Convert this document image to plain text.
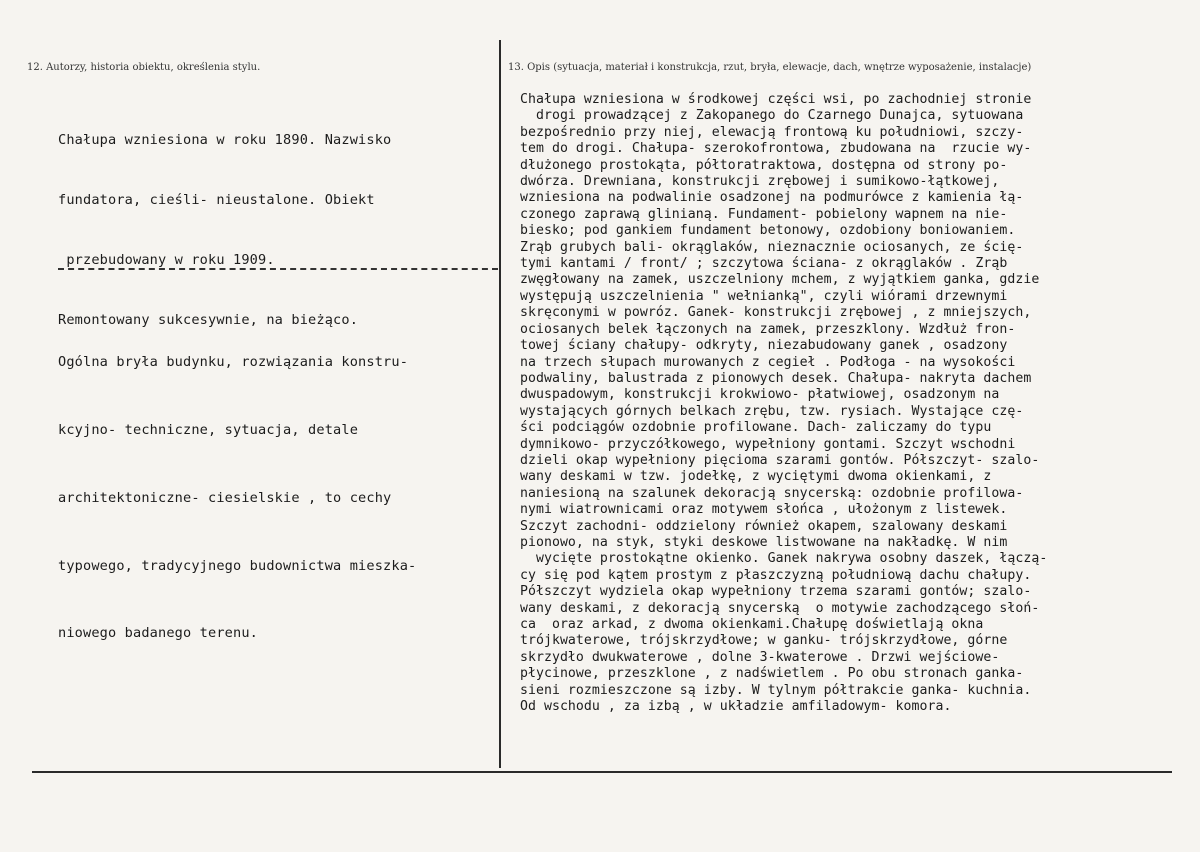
12. Autorzy, historia obiektu, określenia stylu.	13. Opis (sytuacja, materiał i konstrukcja, rzut, bryła, elewacje, dach, wnętrze wyposażenie, instalacje)

Chałupa wzniesiona w roku 1890. Nazwisko

fundatora, cieśli- nieustalone. Obiekt

przebudowany w roku 1909.

Remontowany sukcesywnie, na bieżąco.

Ogólna bryła budynku, rozwiązania konstru-

kcyjno- techniczne, sytuacja, detale

architektoniczne- ciesielskie , to cechy

typowego, tradycyjnego budownictwa mieszka-

niowego badanego terenu.

Chałupa wzniesiona w środkowej części wsi, po zachodniej stronie
drogi prowadzącej z Zakopanego do Czarnego Dunajca, sytuowana
bezpośrednio przy niej, elewacją frontową ku południowi, szczy-
tem do drogi. Chałupa- szerokofrontowa, zbudowana na  rzucie wy-
dłużonego prostokąta, półtoratraktowa, dostępna od strony po-
dwórza. Drewniana, konstrukcji zrębowej i sumikowo-łątkowej,
wzniesiona na podwalinie osadzonej na podmurówce z kamienia łą-
czonego zaprawą glinianą. Fundament- pobielony wapnem na nie-
biesko; pod gankiem fundament betonowy, ozdobiony boniowaniem.
Zrąb grubych bali- okrąglaków, nieznacznie ociosanych, ze ścię-
tymi kantami / front/ ; szczytowa ściana- z okrąglaków . Zrąb
zwęgłowany na zamek, uszczelniony mchem, z wyjątkiem ganka, gdzie
występują uszczelnienia " wełnianką", czyli wiórami drzewnymi
skręconymi w powróz. Ganek- konstrukcji zrębowej , z mniejszych,
ociosanych belek łączonych na zamek, przeszklony. Wzdłuż fron-
towej ściany chałupy- odkryty, niezabudowany ganek , osadzony
na trzech słupach murowanych z cegieł . Podłoga - na wysokości
podwaliny, balustrada z pionowych desek. Chałupa- nakryta dachem
dwuspadowym, konstrukcji krokwiowo- płatwiowej, osadzonym na
wystających górnych belkach zrębu, tzw. rysiach. Wystające czę-
ści podciągów ozdobnie profilowane. Dach- zaliczamy do typu
dymnikowo- przyczółkowego, wypełniony gontami. Szczyt wschodni
dzieli okap wypełniony pięcioma szarami gontów. Półszczyt- szalo-
wany deskami w tzw. jodełkę, z wyciętymi dwoma okienkami, z
naniesioną na szalunek dekoracją snycerską: ozdobnie profilowa-
nymi wiatrownicami oraz motywem słońca , ułożonym z listewek.
Szczyt zachodni- oddzielony również okapem, szalowany deskami
pionowo, na styk, styki deskowe listwowane na nakładkę. W nim
wycięte prostokątne okienko. Ganek nakrywa osobny daszek, łączą-
cy się pod kątem prostym z płaszczyzną południową dachu chałupy.
Półszczyt wydziela okap wypełniony trzema szarami gontów; szalo-
wany deskami, z dekoracją snycerską  o motywie zachodzącego słoń-
ca  oraz arkad, z dwoma okienkami.Chałupę doświetlają okna
trójkwaterowe, trójskrzydłowe; w ganku- trójskrzydłowe, górne
skrzydło dwukwaterowe , dolne 3-kwaterowe . Drzwi wejściowe-
płycinowe, przeszklone , z nadświetlem . Po obu stronach ganka-
sieni rozmieszczone są izby. W tylnym półtrakcie ganka- kuchnia.
Od wschodu , za izbą , w układzie amfiladowym- komora.
